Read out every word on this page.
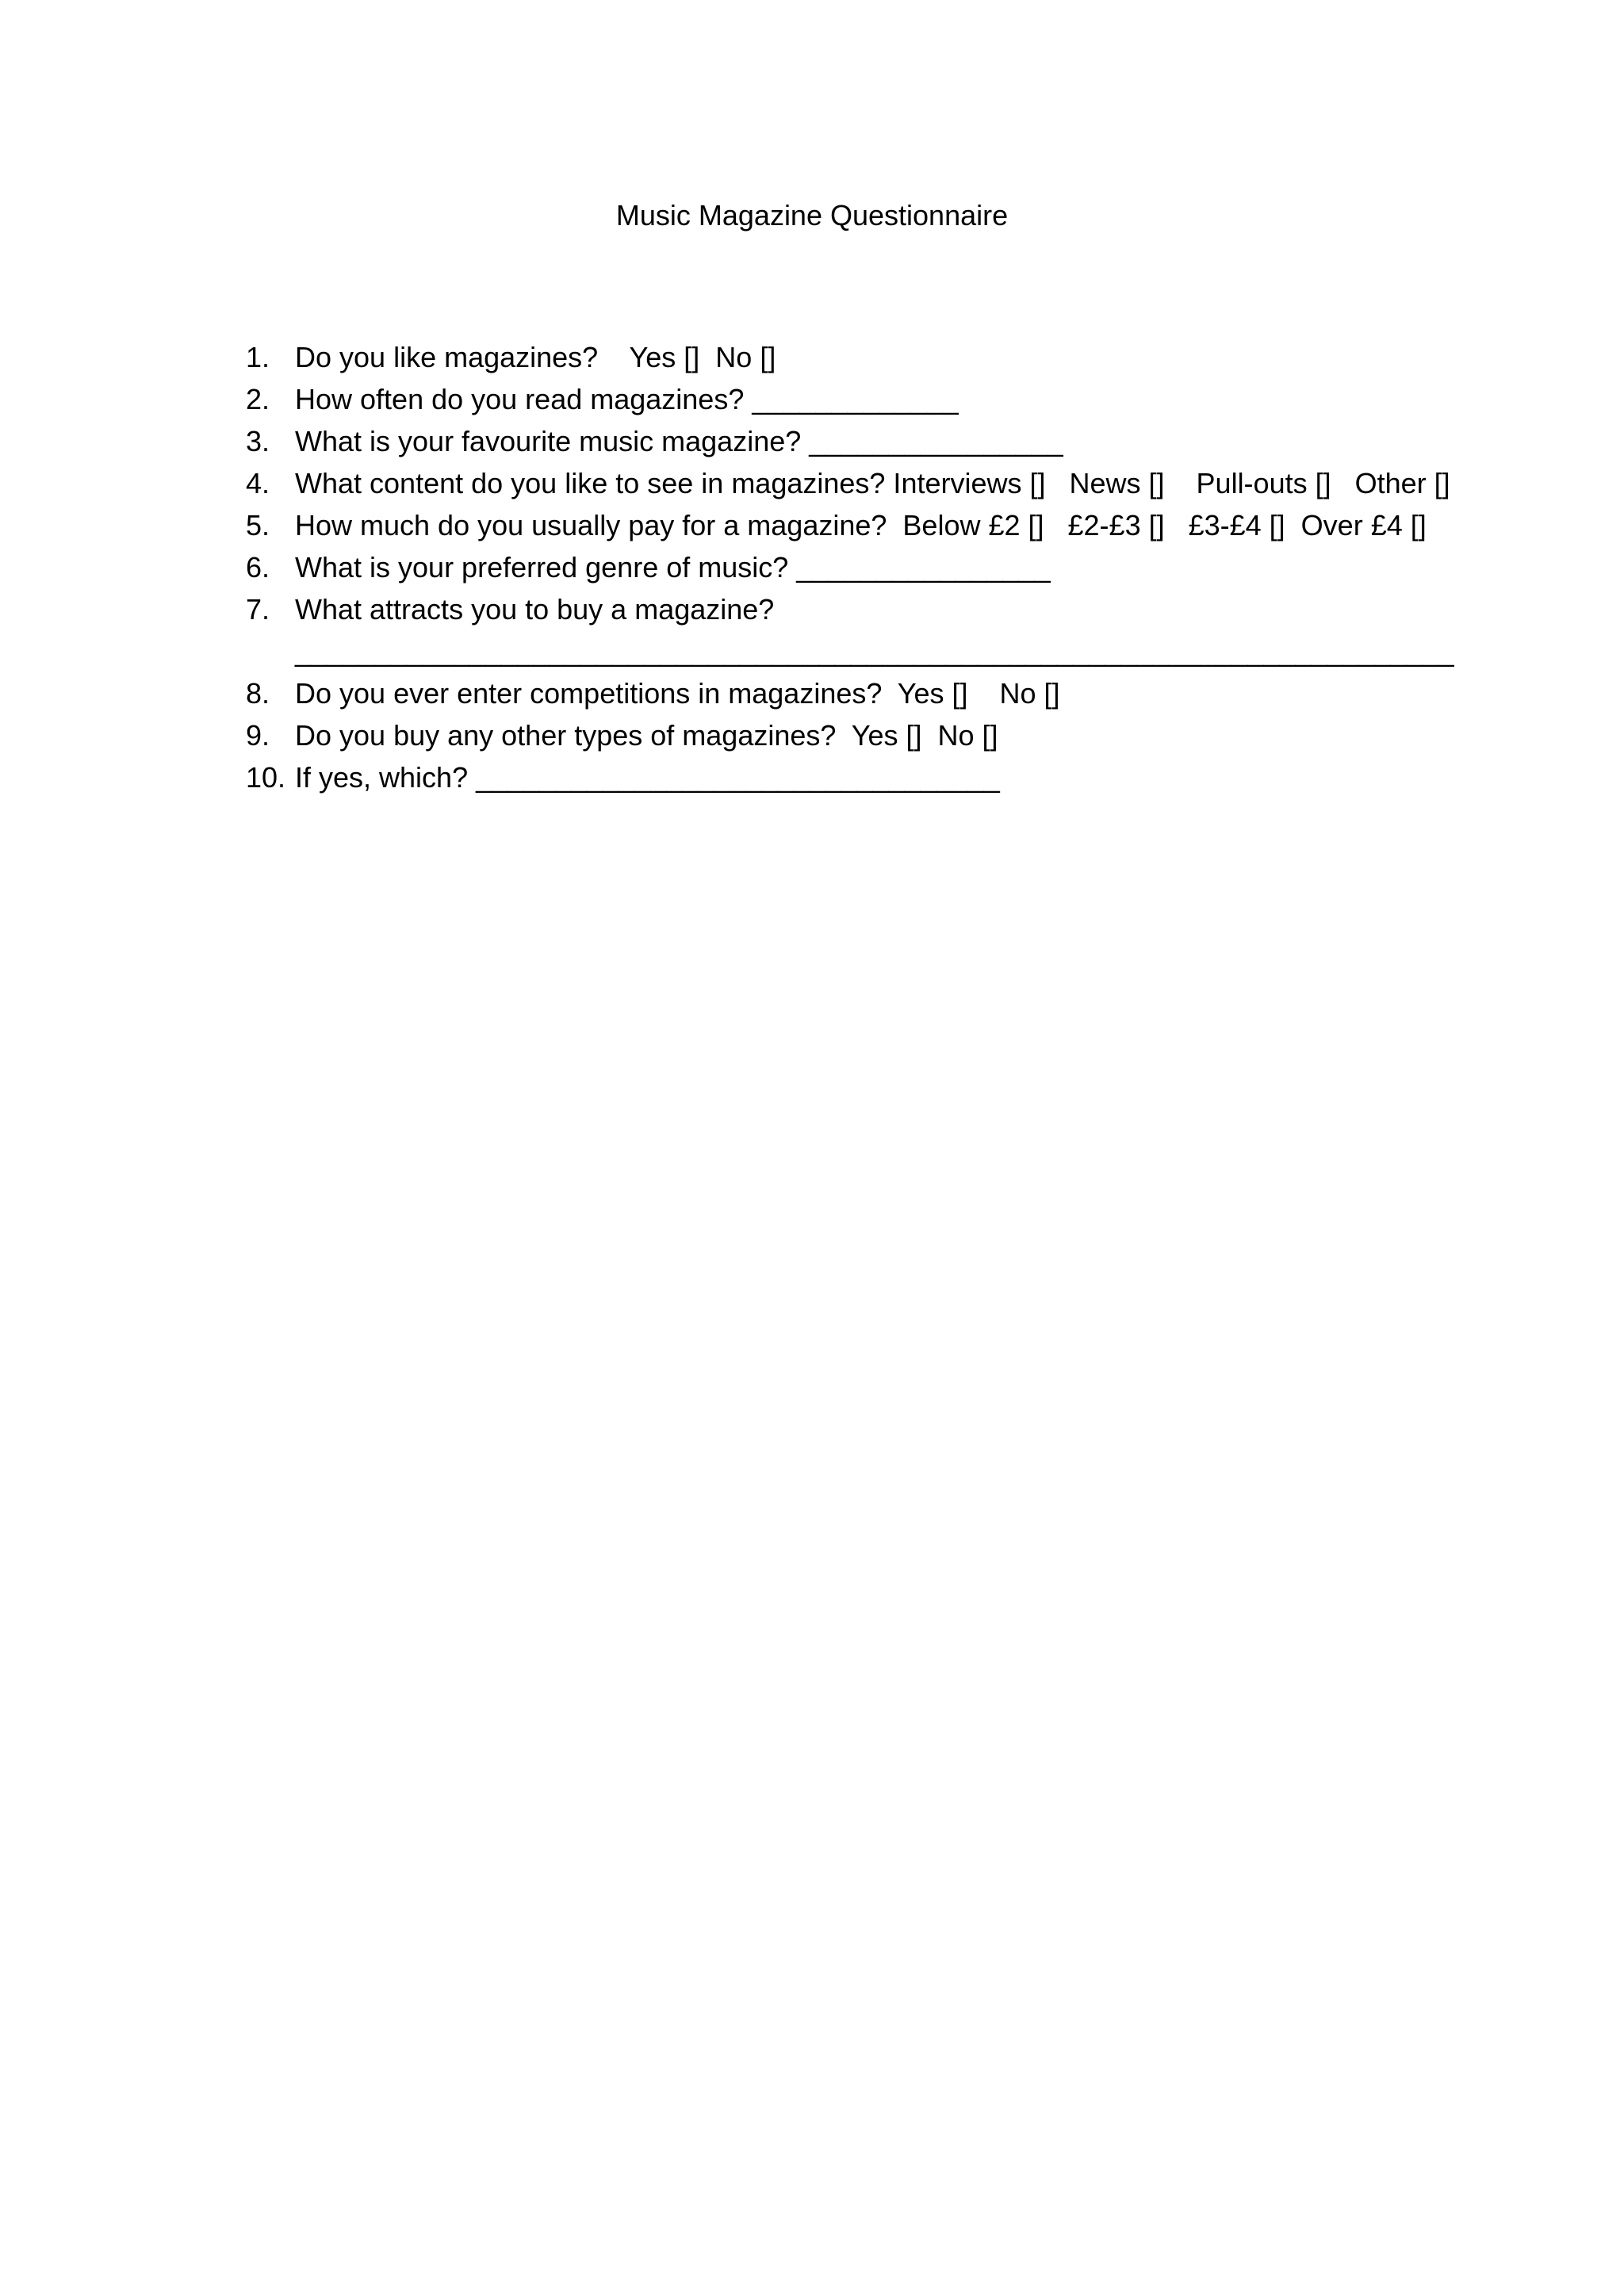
Music Magazine Questionnaire

1.

Do you like magazines?    Yes []  No []

2.

How often do you read magazines? _____________

3.

What is your favourite music magazine? ________________

4.

What content do you like to see in magazines? Interviews []   News []    Pull-outs []   Other []

5.

How much do you usually pay for a magazine?  Below £2 []   £2-£3 []   £3-£4 []  Over £4 []

6.

What is your preferred genre of music? ________________

7.

What attracts you to buy a magazine?

_________________________________________________________________________

8.

Do you ever enter competitions in magazines?  Yes []    No []

9.

Do you buy any other types of magazines?  Yes []  No []

10.

If yes, which? _________________________________
